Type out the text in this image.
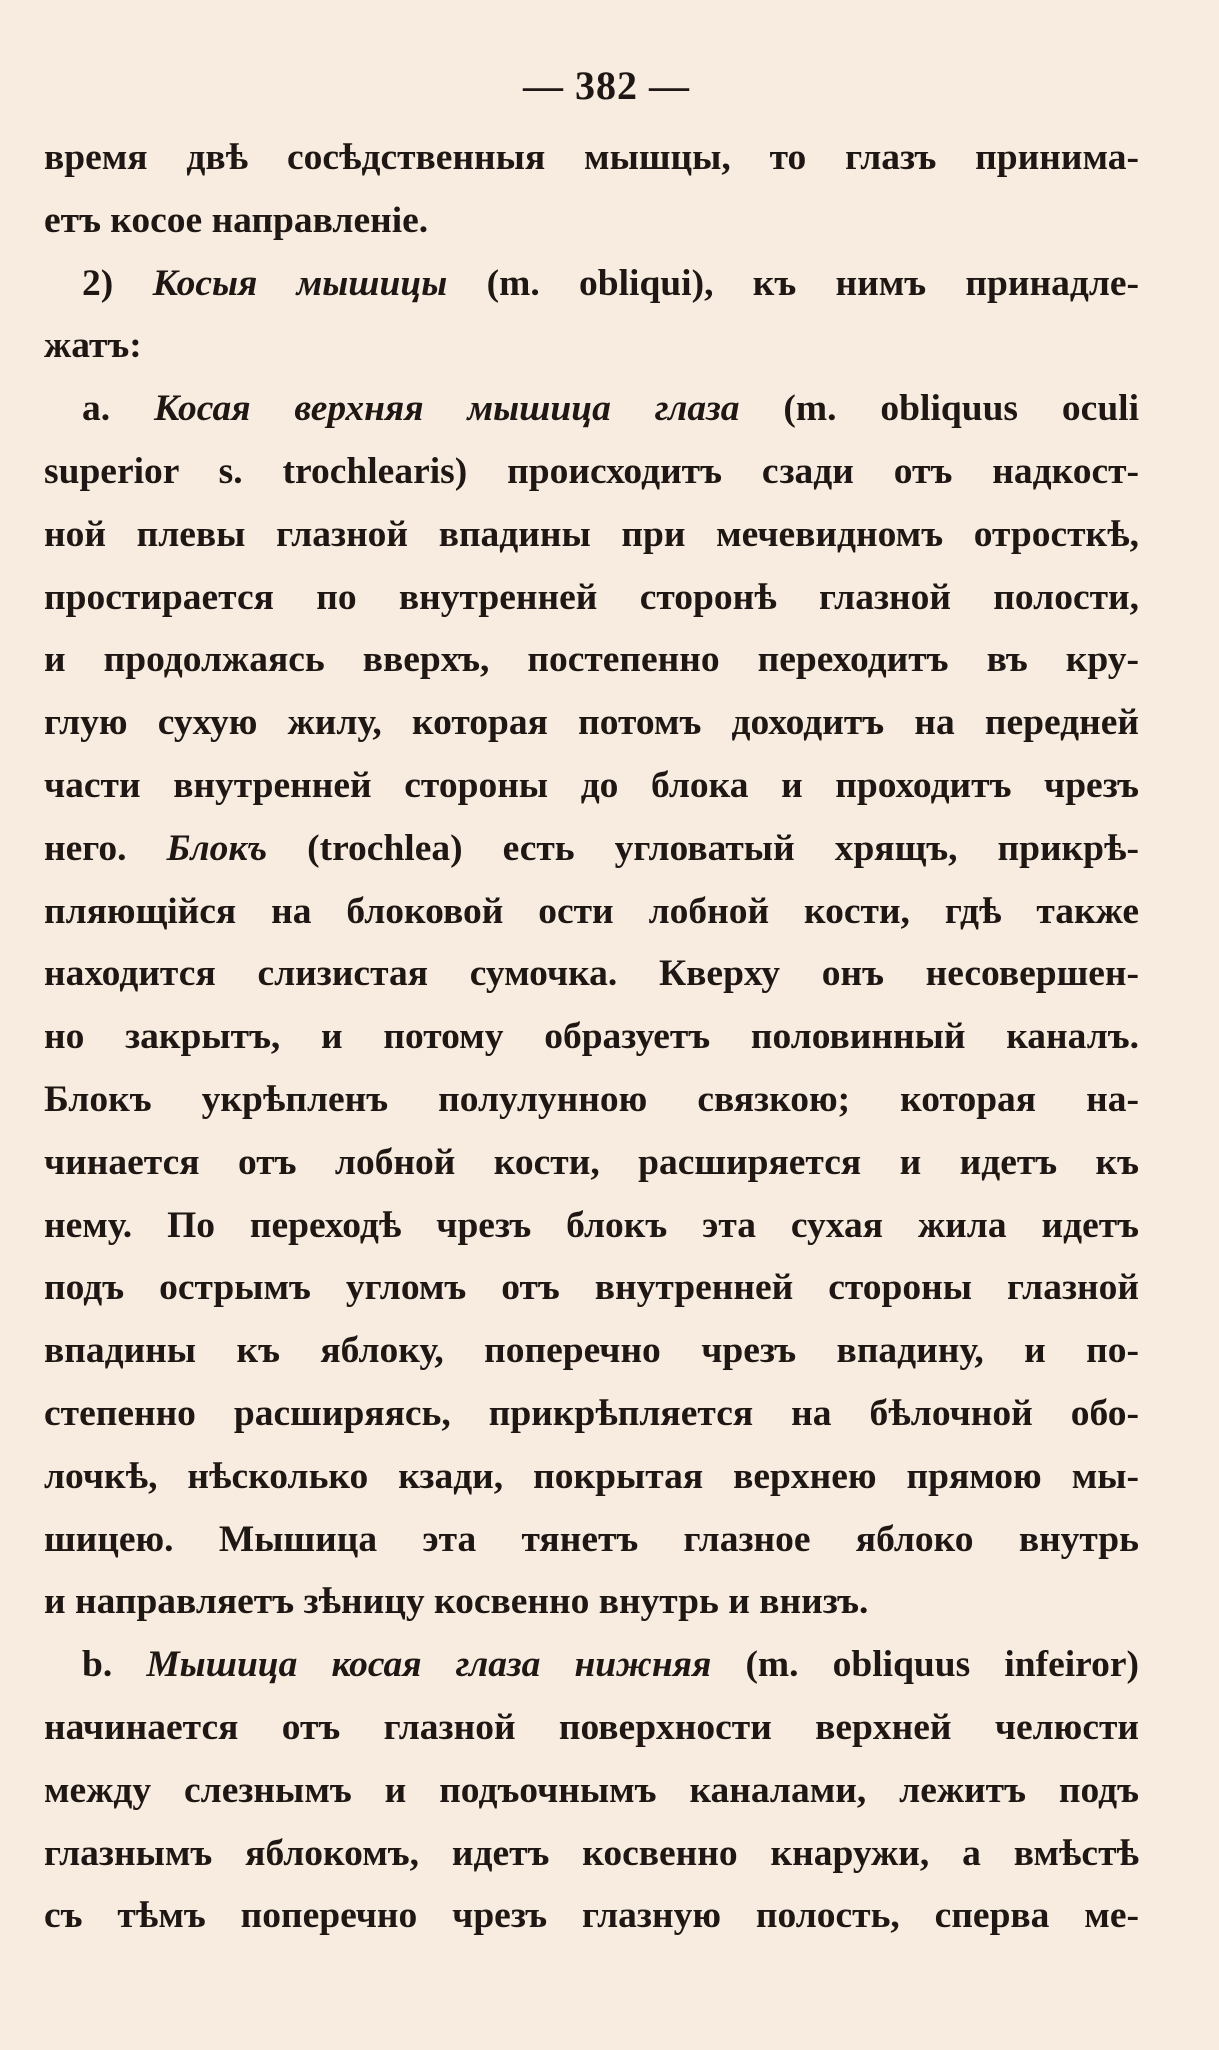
— 382 —
время двѣ сосѣдственныя мышцы, то глазъ принима-
етъ косое направленіе.
2) Косыя мышицы (m. obliqui), къ нимъ принадле-
жатъ:
a. Косая верхняя мышица глаза (m. obliquus oculi
superior s. trochlearis) происходитъ сзади отъ надкост-
ной плевы глазной впадины при мечевидномъ отросткѣ,
простирается по внутренней сторонѣ глазной полости,
и продолжаясь вверхъ, постепенно переходитъ въ кру-
глую сухую жилу, которая потомъ доходитъ на передней
части внутренней стороны до блока и проходитъ чрезъ
него. Блокъ (trochlea) есть угловатый хрящъ, прикрѣ-
пляющійся на блоковой ости лобной кости, гдѣ также
находится слизистая сумочка. Кверху онъ несовершен-
но закрытъ, и потому образуетъ половинный каналъ.
Блокъ укрѣпленъ полулунною связкою; которая на-
чинается отъ лобной кости, расширяется и идетъ къ
нему. По переходѣ чрезъ блокъ эта сухая жила идетъ
подъ острымъ угломъ отъ внутренней стороны глазной
впадины къ яблоку, поперечно чрезъ впадину, и по-
степенно расширяясь, прикрѣпляется на бѣлочной обо-
лочкѣ, нѣсколько кзади, покрытая верхнею прямою мы-
шицею. Мышица эта тянетъ глазное яблоко внутрь
и направляетъ зѣницу косвенно внутрь и внизъ.
b. Мышица косая глаза нижняя (m. obliquus infeiror)
начинается отъ глазной поверхности верхней челюсти
между слезнымъ и подъочнымъ каналами, лежитъ подъ
глазнымъ яблокомъ, идетъ косвенно кнаружи, а вмѣстѣ
съ тѣмъ поперечно чрезъ глазную полость, сперва ме-
